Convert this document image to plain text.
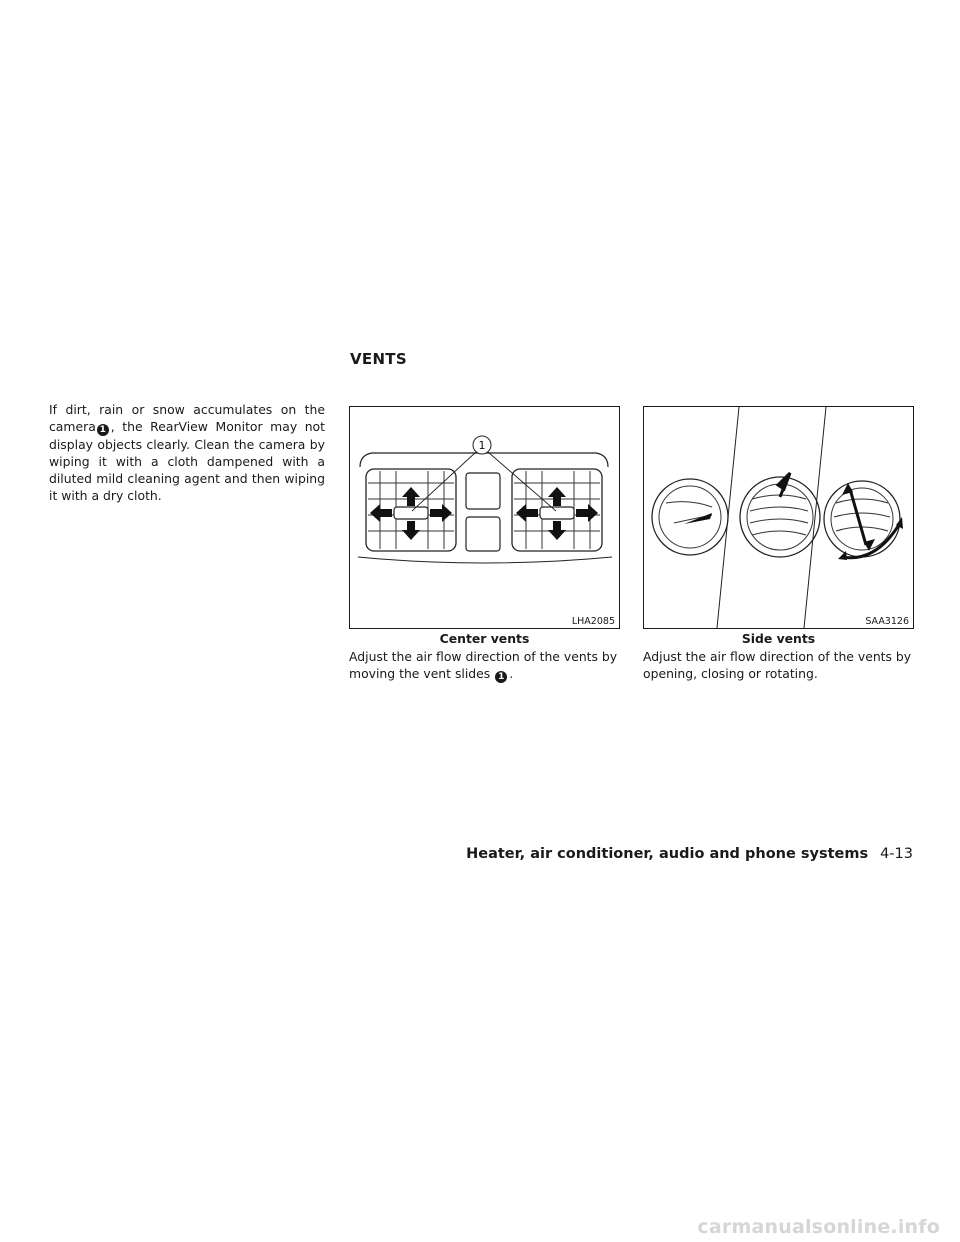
VENTS

If dirt, rain or snow accumulates on the camera 1 , the RearView Monitor may not display objects clearly. Clean the camera by wiping it with a cloth dampened with a diluted mild cleaning agent and then wiping it with a dry cloth.

1
LHA2085
Center vents

Adjust the air flow direction of the vents by moving the vent slides 1 .

SAA3126
Side vents

Adjust the air flow direction of the vents by opening, closing or rotating.

Heater, air conditioner, audio and phone systems 4-13
carmanualsonline.info
